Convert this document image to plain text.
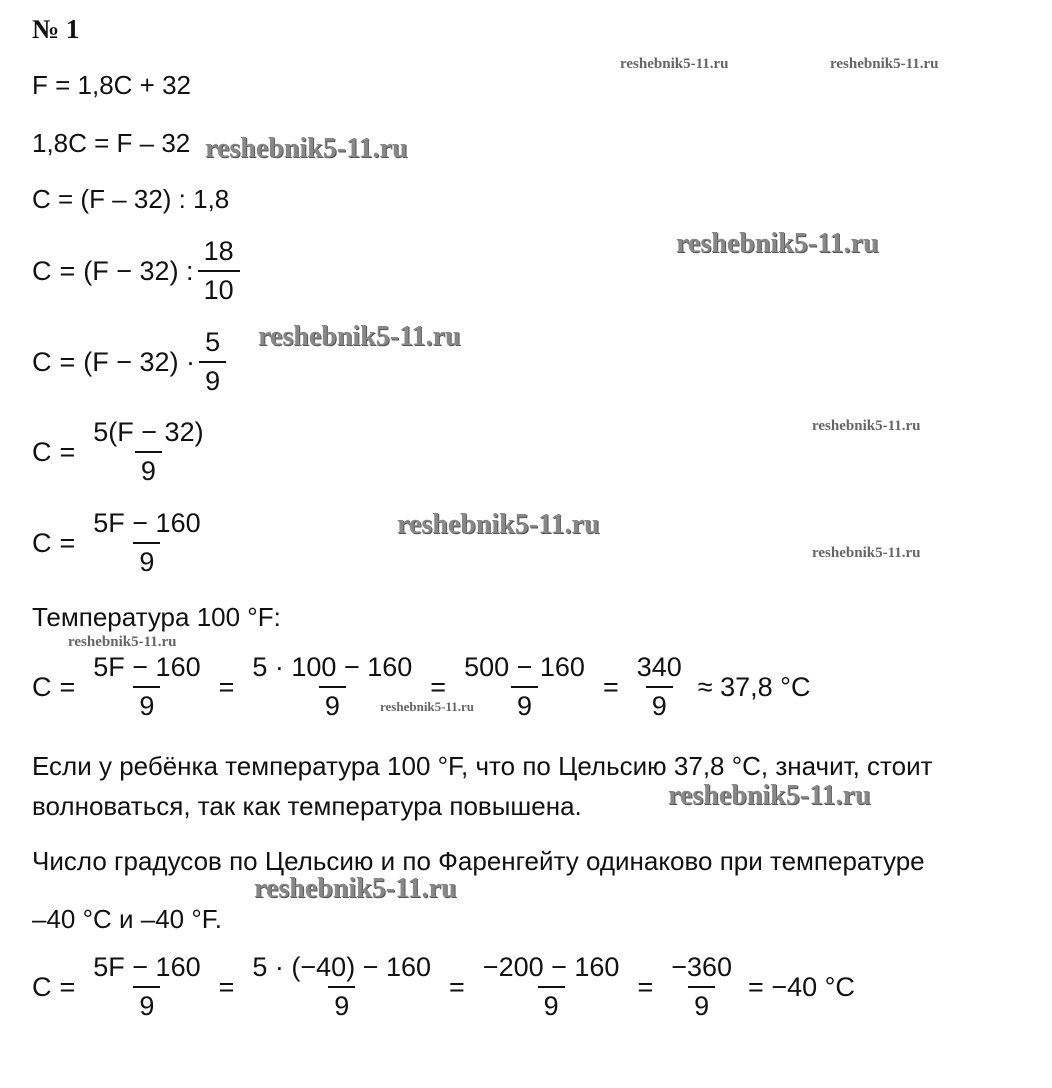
№ 1
F = 1,8C + 32
1,8C = F – 32
C = (F – 32) : 1,8
C = (F − 32) : $\frac{18}{10}$
$C = (F - 32) \cdot \frac{5}{9}$
$C = \frac{5(F - 32)}{9}$
$C = \frac{5F - 160}{9}$
Температура 100 °F:
$C = \frac{5F - 160}{9} = \frac{5 \cdot 100 - 160}{9} = \frac{500 - 160}{9} = \frac{340}{9} \approx 37,8$ °C
Если у ребёнка температура 100 °F, что по Цельсию 37,8 °C, значит, стоит волноваться, так как температура повышена.
Число градусов по Цельсию и по Фаренгейту одинаково при температуре
–40 °C и –40 °F.
$C = \frac{5F - 160}{9} = \frac{5 \cdot (-40) - 160}{9} = \frac{-200 - 160}{9} = \frac{-360}{9} = -40$ °C
reshebnik5-11.ru	reshebnik5-11.ru
reshebnik5-11.ru
reshebnik5-11.ru
reshebnik5-11.ru
reshebnik5-11.ru
reshebnik5-11.ru
reshebnik5-11.ru
reshebnik5-11.ru
reshebnik5-11.ru
reshebnik5-11.ru
reshebnik5-11.ru
